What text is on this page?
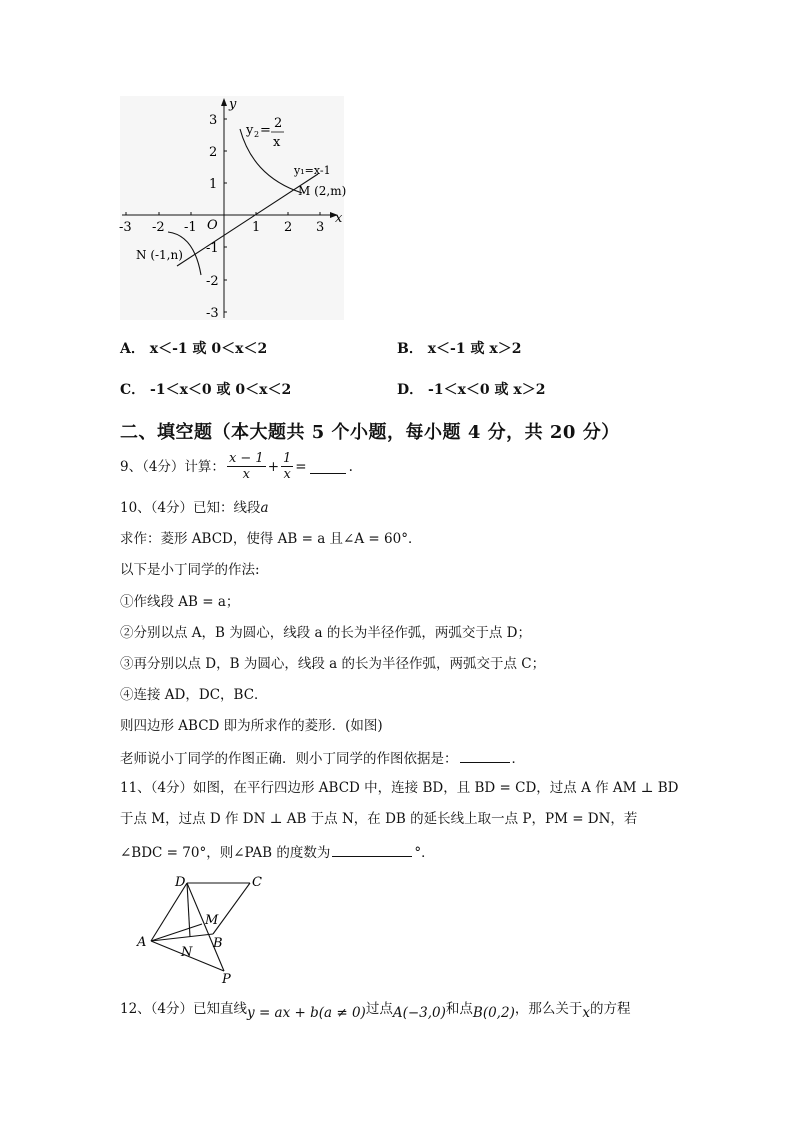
y
x
O
-3 -2 -1	1 2 3
3
2
1
-1
-2
-3
y 2 = 2
x
y₁=x-1
M (2,m)
N (-1,n)
A． x＜-1 或 0＜x＜2	B． x＜-1 或 x＞2
C． -1＜x＜0 或 0＜x＜2	D． -1＜x＜0 或 x＞2
二、填空题（本大题共 5 个小题，每小题 4 分，共 20 分）
9、（4分）计算： $\frac{x - 1}{x} + \frac{1}{x}$ =	.
10、（4分）已知：线段a
求作：菱形 ABCD，使得 AB = a 且∠A = 60°．
以下是小丁同学的作法:
①作线段 AB = a；
②分别以点 A，B 为圆心，线段 a 的长为半径作弧，两弧交于点 D；
③再分别以点 D，B 为圆心，线段 a 的长为半径作弧，两弧交于点 C；
④连接 AD，DC，BC．
则四边形 ABCD 即为所求作的菱形．(如图)
老师说小丁同学的作图正确．则小丁同学的作图依据是：	．
11、（4分）如图，在平行四边形 ABCD 中，连接 BD，且 BD = CD，过点 A 作 AM ⊥ BD
于点 M，过点 D 作 DN ⊥ AB 于点 N，在 DB 的延长线上取一点 P，PM = DN，若
∠BDC = 70°，则∠PAB 的度数为	°．
D	C
M
A	B
N
P
12、（4分）已知直线y = ax + b(a ≠ 0)过点A(−3,0)和点B(0,2)，那么关于x的方程
